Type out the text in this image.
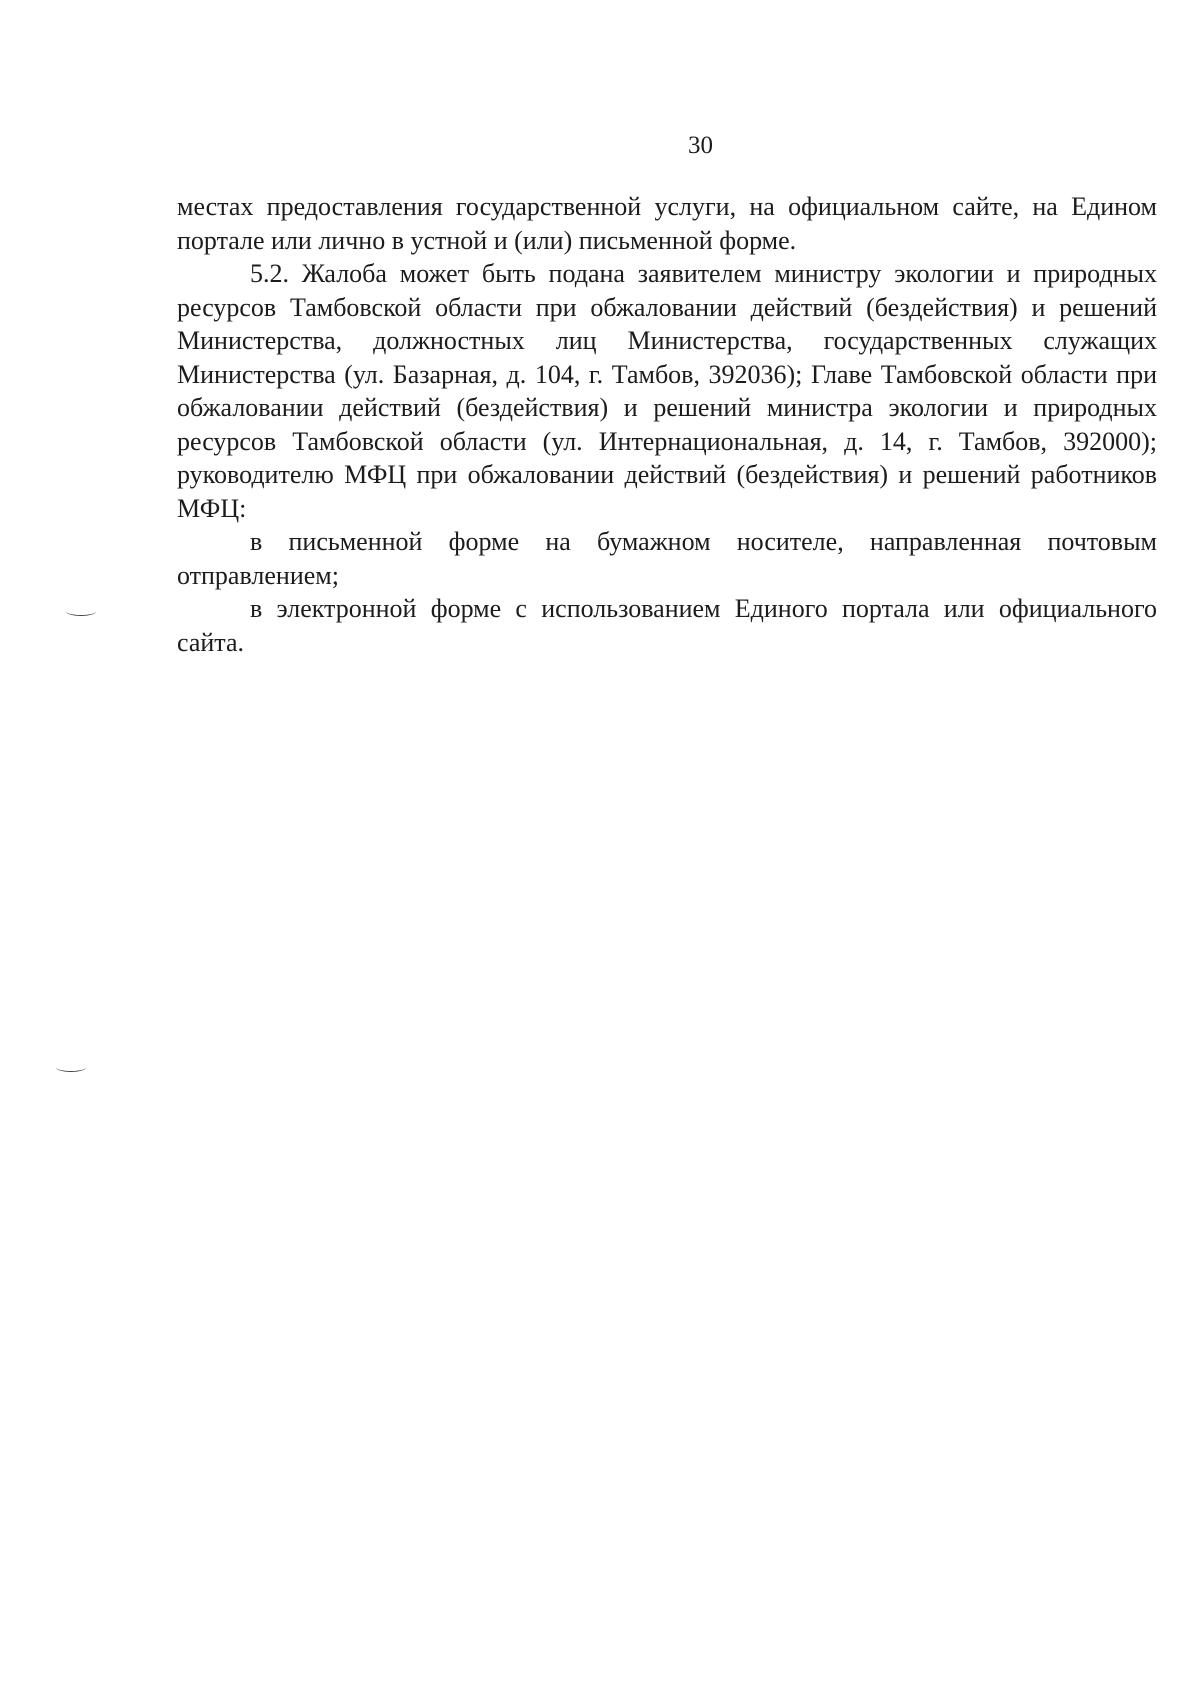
30

местах предоставления государственной услуги, на официальном сайте, на Едином портале или лично в устной и (или) письменной форме.

5.2. Жалоба может быть подана заявителем министру экологии и природных ресурсов Тамбовской области при обжаловании действий (бездействия) и решений Министерства, должностных лиц Министерства, государственных служащих Министерства (ул. Базарная, д. 104, г. Тамбов, 392036); Главе Тамбовской области при обжаловании действий (бездействия) и решений министра экологии и природных ресурсов Тамбовской области (ул. Интернациональная, д. 14, г. Тамбов, 392000); руководителю МФЦ при обжаловании действий (бездействия) и решений работников МФЦ:

в письменной форме на бумажном носителе, направленная почтовым отправлением;

в электронной форме с использованием Единого портала или официального сайта.
